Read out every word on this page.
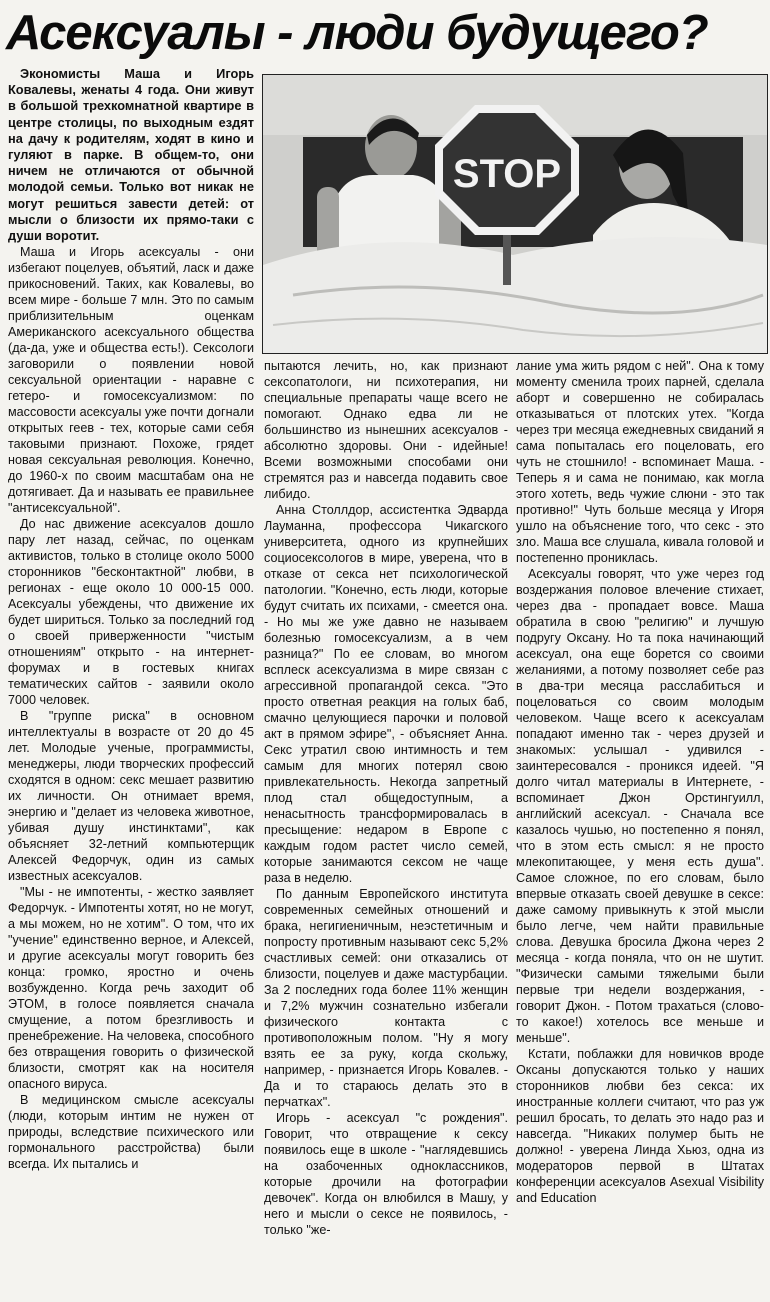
Асексуалы - люди будущего?

Экономисты Маша и Игорь Ковалевы, женаты 4 года. Они живут в большой трехкомнатной квартире в центре столицы, по выходным ездят на дачу к родителям, ходят в кино и гуляют в парке. В общем-то, они ничем не отличаются от обычной молодой семьи. Только вот никак не могут решиться завести детей: от мысли о близости их прямо-таки с души воротит.

Маша и Игорь асексуалы - они избегают поцелуев, объятий, ласк и даже прикосновений. Таких, как Ковалевы, во всем мире - больше 7 млн. Это по самым приблизительным оценкам Американского асексуального общества (да-да, уже и общества есть!). Сексологи заговорили о появлении новой сексуальной ориентации - наравне с гетеро- и гомосексуализмом: по массовости асексуалы уже почти догнали открытых геев - тех, которые сами себя таковыми признают. Похоже, грядет новая сексуальная революция. Конечно, до 1960-х по своим масштабам она не дотягивает. Да и называть ее правильнее "антисексуальной".

До нас движение асексуалов дошло пару лет назад, сейчас, по оценкам активистов, только в столице около 5000 сторонников "бесконтактной" любви, в регионах - еще около 10 000-15 000. Асексуалы убеждены, что движение их будет шириться. Только за последний год о своей приверженности "чистым отношениям" открыто - на интернет-форумах и в гостевых книгах тематических сайтов - заявили около 7000 человек.

В "группе риска" в основном интеллектуалы в возрасте от 20 до 45 лет. Молодые ученые, программисты, менеджеры, люди творческих профессий сходятся в одном: секс мешает развитию их личности. Он отнимает время, энергию и "делает из человека животное, убивая душу инстинктами", как объясняет 32-летний компьютерщик Алексей Федорчук, один из самых известных асексуалов.

"Мы - не импотенты, - жестко заявляет Федорчук. - Импотенты хотят, но не могут, а мы можем, но не хотим". О том, что их "учение" единственно верное, и Алексей, и другие асексуалы могут говорить без конца: громко, яростно и очень возбужденно. Когда речь заходит об ЭТОМ, в голосе появляется сначала смущение, а потом брезгливость и пренебрежение. На человека, способного без отвращения говорить о физической близости, смотрят как на носителя опасного вируса.

В медицинском смысле асексуалы (люди, которым интим не нужен от природы, вследствие психического или гормонального расстройства) были всегда. Их пытались и

STOP

пытаются лечить, но, как признают сексопатологи, ни психотерапия, ни специальные препараты чаще всего не помогают. Однако едва ли не большинство из нынешних асексуалов - абсолютно здоровы. Они - идейные! Всеми возможными способами они стремятся раз и навсегда подавить свое либидо.

Анна Столлдор, ассистентка Эдварда Лауманна, профессора Чикагского университета, одного из крупнейших социосексологов в мире, уверена, что в отказе от секса нет психологической патологии. "Конечно, есть люди, которые будут считать их психами, - смеется она. - Но мы же уже давно не называем болезнью гомосексуализм, а в чем разница?" По ее словам, во многом всплеск асексуализма в мире связан с агрессивной пропагандой секса. "Это просто ответная реакция на голых баб, смачно целующиеся парочки и половой акт в прямом эфире", - объясняет Анна. Секс утратил свою интимность и тем самым для многих потерял свою привлекательность. Некогда запретный плод стал общедоступным, а ненасытность трансформировалась в пресыщение: недаром в Европе с каждым годом растет число семей, которые занимаются сексом не чаще раза в неделю.

По данным Европейского института современных семейных отношений и брака, негигиеничным, неэстетичным и попросту противным называют секс 5,2% счастливых семей: они отказались от близости, поцелуев и даже мастурбации. За 2 последних года более 11% женщин и 7,2% мужчин сознательно избегали физического контакта с противоположным полом. "Ну я могу взять ее за руку, когда скольжу, например, - признается Игорь Ковалев. - Да и то стараюсь делать это в перчатках".

Игорь - асексуал "с рождения". Говорит, что отвращение к сексу появилось еще в школе - "наглядевшись на озабоченных одноклассников, которые дрочили на фотографии девочек". Когда он влюбился в Машу, у него и мысли о сексе не появилось, - только "же-

лание ума жить рядом с ней". Она к тому моменту сменила троих парней, сделала аборт и совершенно не собиралась отказываться от плотских утех. "Когда через три месяца ежедневных свиданий я сама попыталась его поцеловать, его чуть не стошнило! - вспоминает Маша. - Теперь я и сама не понимаю, как могла этого хотеть, ведь чужие слюни - это так противно!" Чуть больше месяца у Игоря ушло на объяснение того, что секс - это зло. Маша все слушала, кивала головой и постепенно прониклась.

Асексуалы говорят, что уже через год воздержания половое влечение стихает, через два - пропадает вовсе. Маша обратила в свою "религию" и лучшую подругу Оксану. Но та пока начинающий асексуал, она еще борется со своими желаниями, а потому позволяет себе раз в два-три месяца расслабиться и поцеловаться со своим молодым человеком. Чаще всего к асексуалам попадают именно так - через друзей и знакомых: услышал - удивился - заинтересовался - проникся идеей. "Я долго читал материалы в Интернете, - вспоминает Джон Орстингуилл, английский асексуал. - Сначала все казалось чушью, но постепенно я понял, что в этом есть смысл: я не просто млекопитающее, у меня есть душа". Самое сложное, по его словам, было впервые отказать своей девушке в сексе: даже самому привыкнуть к этой мысли было легче, чем найти правильные слова. Девушка бросила Джона через 2 месяца - когда поняла, что он не шутит. "Физически самыми тяжелыми были первые три недели воздержания, - говорит Джон. - Потом трахаться (слово-то какое!) хотелось все меньше и меньше".

Кстати, поблажки для новичков вроде Оксаны допускаются только у наших сторонников любви без секса: их иностранные коллеги считают, что раз уж решил бросать, то делать это надо раз и навсегда. "Никаких полумер быть не должно! - уверена Линда Хьюз, одна из модераторов первой в Штатах конференции асексуалов Asexual Visibility and Education
